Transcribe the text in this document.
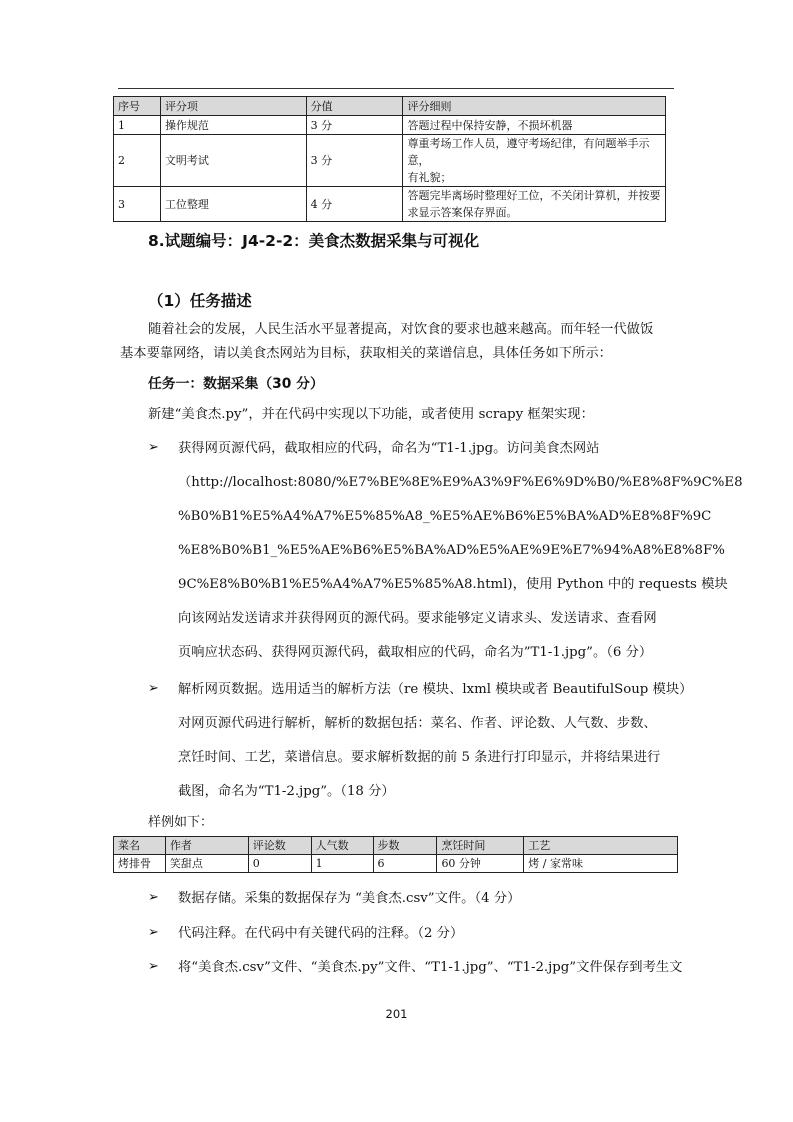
序号	评分项	分值	评分细则
1	操作规范	3 分	答题过程中保持安静，不损坏机器
2	文明考试	3 分	尊重考场工作人员，遵守考场纪律，有问题举手示意，
有礼貌；

3	工位整理	4 分	答题完毕离场时整理好工位，不关闭计算机，并按要
求显示答案保存界面。
8.试题编号：J4-2-2：美食杰数据采集与可视化
（1）任务描述

随着社会的发展，人民生活水平显著提高，对饮食的要求也越来越高。而年轻一代做饭

基本要靠网络，请以美食杰网站为目标，获取相关的菜谱信息，具体任务如下所示：

任务一：数据采集（30 分）

新建“美食杰.py”，并在代码中实现以下功能，或者使用 scrapy 框架实现：

➢ 获得网页源代码，截取相应的代码，命名为“T1-1.jpg。访问美食杰网站
（http://localhost:8080/%E7%BE%8E%E9%A3%9F%E6%9D%B0/%E8%8F%9C%E8
%B0%B1%E5%A4%A7%E5%85%A8_%E5%AE%B6%E5%BA%AD%E8%8F%9C
%E8%B0%B1_%E5%AE%B6%E5%BA%AD%E5%AE%9E%E7%94%A8%E8%8F%
9C%E8%B0%B1%E5%A4%A7%E5%85%A8.html)，使用 Python 中的 requests 模块
向该网站发送请求并获得网页的源代码。要求能够定义请求头、发送请求、查看网
页响应状态码、获得网页源代码，截取相应的代码，命名为”T1-1.jpg”。（6 分）

➢ 解析网页数据。选用适当的解析方法（re 模块、lxml 模块或者 BeautifulSoup 模块）
对网页源代码进行解析，解析的数据包括：菜名、作者、评论数、人气数、步数、
烹饪时间、工艺，菜谱信息。要求解析数据的前 5 条进行打印显示，并将结果进行
截图，命名为“T1-2.jpg”。（18 分）

样例如下：

菜名	作者	评论数	人气数	步数	烹饪时间	工艺
烤排骨	笑甜点	0	1	6	60 分钟	烤 / 家常味
➢ 数据存储。采集的数据保存为 “美食杰.csv”文件。（4 分）

➢ 代码注释。在代码中有关键代码的注释。（2 分）

➢ 将“美食杰.csv”文件、“美食杰.py”文件、“T1-1.jpg”、“T1-2.jpg”文件保存到考生文

201
